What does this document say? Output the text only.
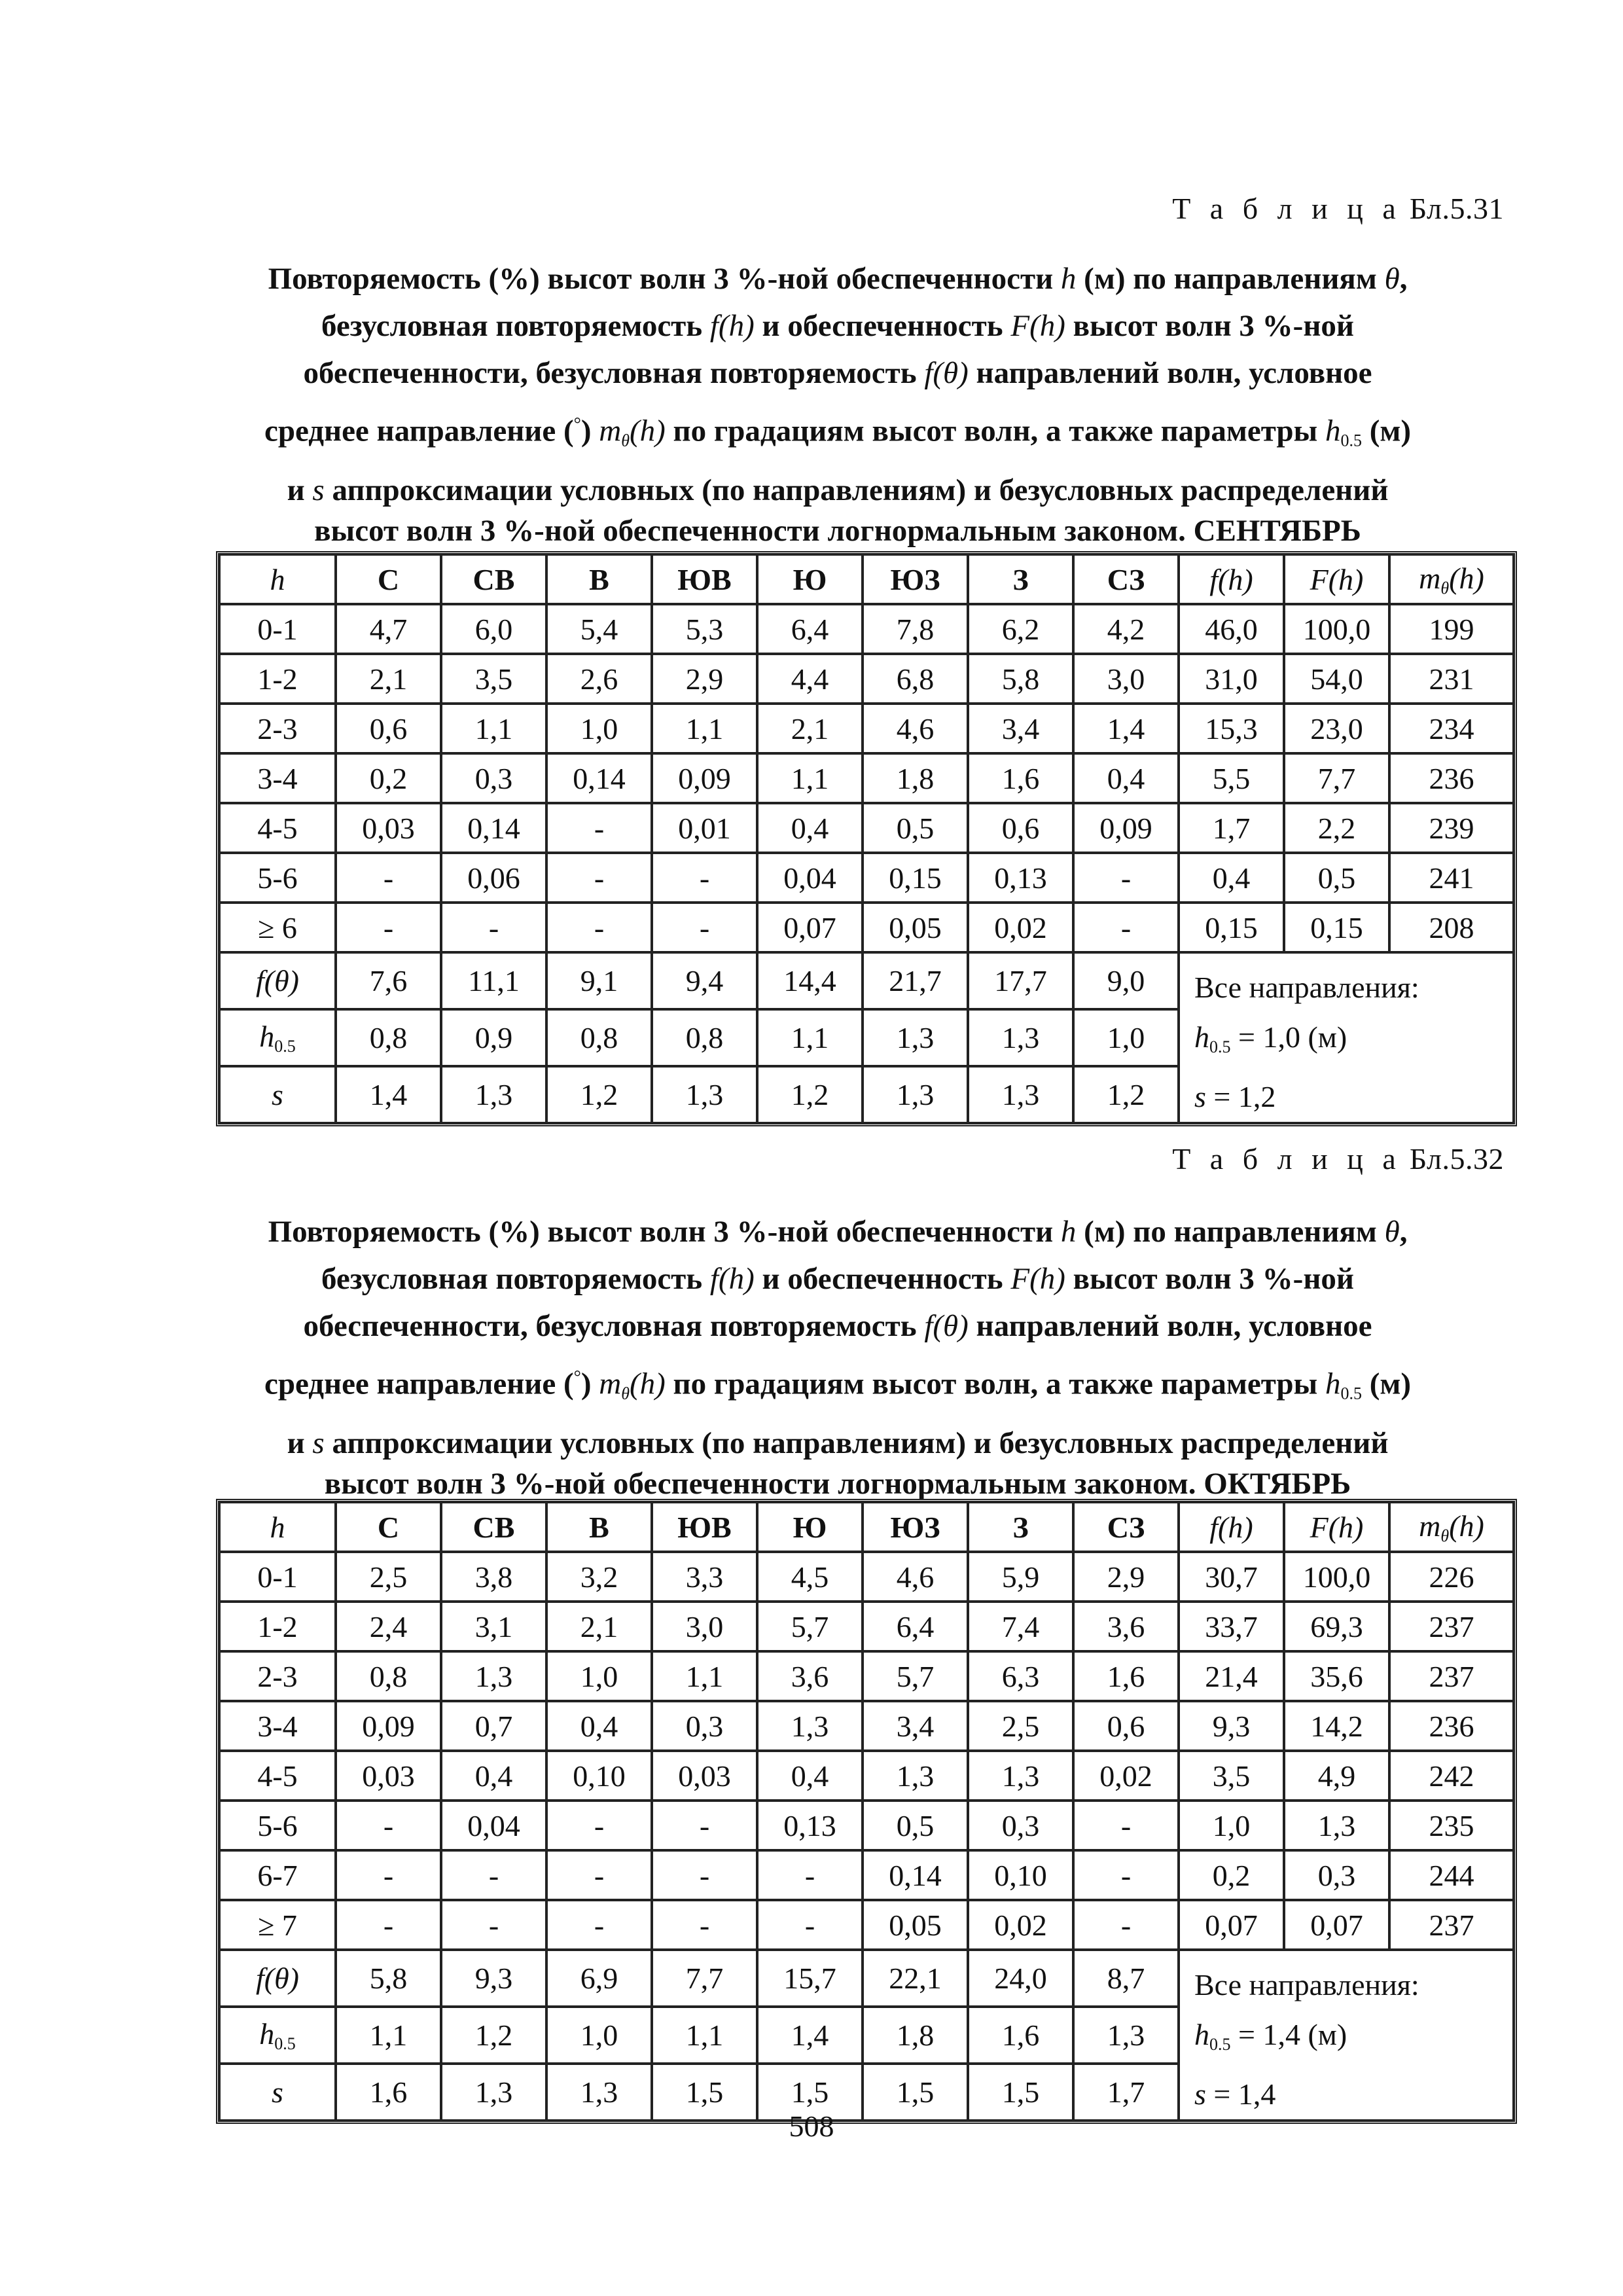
Т а б л и ц а Бл.5.31
Повторяемость (%) высот волн 3 %-ной обеспеченности h (м) по направлениям θ,
безусловная повторяемость f(h) и обеспеченность F(h) высот волн 3 %-ной
обеспеченности, безусловная повторяемость f(θ) направлений волн, условное
среднее направление (°) $m_\theta(h)$ по градациям высот волн, а также параметры $h_{0.5}$ (м)
и s аппроксимации условных (по направлениям) и безусловных распределений
высот волн 3 %-ной обеспеченности логнормальным законом. СЕНТЯБРЬ
h	С	СВ	В	ЮВ	Ю	ЮЗ	З	СЗ	f(h)	F(h)	$m_\theta(h)$
0-1	4,7	6,0	5,4	5,3	6,4	7,8	6,2	4,2	46,0	100,0	199
1-2	2,1	3,5	2,6	2,9	4,4	6,8	5,8	3,0	31,0	54,0	231
2-3	0,6	1,1	1,0	1,1	2,1	4,6	3,4	1,4	15,3	23,0	234
3-4	0,2	0,3	0,14	0,09	1,1	1,8	1,6	0,4	5,5	7,7	236
4-5	0,03	0,14	-	0,01	0,4	0,5	0,6	0,09	1,7	2,2	239
5-6	-	0,06	-	-	0,04	0,15	0,13	-	0,4	0,5	241
≥ 6	-	-	-	-	0,07	0,05	0,02	-	0,15	0,15	208
f(θ)	7,6	11,1	9,1	9,4	14,4	21,7	17,7	9,0	Все направления:
$h_{0.5} = 1,0$ (м)
s = 1,2		

$h_{0.5}$	0,8	0,9	0,8	0,8	1,1	1,3	1,3	1,0			
s	1,4	1,3	1,2	1,3	1,2	1,3	1,3	1,2			
Т а б л и ц а Бл.5.32
Повторяемость (%) высот волн 3 %-ной обеспеченности h (м) по направлениям θ,
безусловная повторяемость f(h) и обеспеченность F(h) высот волн 3 %-ной
обеспеченности, безусловная повторяемость f(θ) направлений волн, условное
среднее направление (°) $m_\theta(h)$ по градациям высот волн, а также параметры $h_{0.5}$ (м)
и s аппроксимации условных (по направлениям) и безусловных распределений
высот волн 3 %-ной обеспеченности логнормальным законом. ОКТЯБРЬ
h	С	СВ	В	ЮВ	Ю	ЮЗ	З	СЗ	f(h)	F(h)	$m_\theta(h)$
0-1	2,5	3,8	3,2	3,3	4,5	4,6	5,9	2,9	30,7	100,0	226
1-2	2,4	3,1	2,1	3,0	5,7	6,4	7,4	3,6	33,7	69,3	237
2-3	0,8	1,3	1,0	1,1	3,6	5,7	6,3	1,6	21,4	35,6	237
3-4	0,09	0,7	0,4	0,3	1,3	3,4	2,5	0,6	9,3	14,2	236
4-5	0,03	0,4	0,10	0,03	0,4	1,3	1,3	0,02	3,5	4,9	242
5-6	-	0,04	-	-	0,13	0,5	0,3	-	1,0	1,3	235
6-7	-	-	-	-	-	0,14	0,10	-	0,2	0,3	244
≥ 7	-	-	-	-	-	0,05	0,02	-	0,07	0,07	237
f(θ)	5,8	9,3	6,9	7,7	15,7	22,1	24,0	8,7	Все направления:
$h_{0.5} = 1,4$ (м)
s = 1,4		

$h_{0.5}$	1,1	1,2	1,0	1,1	1,4	1,8	1,6	1,3			
s	1,6	1,3	1,3	1,5	1,5	1,5	1,5	1,7			
508
